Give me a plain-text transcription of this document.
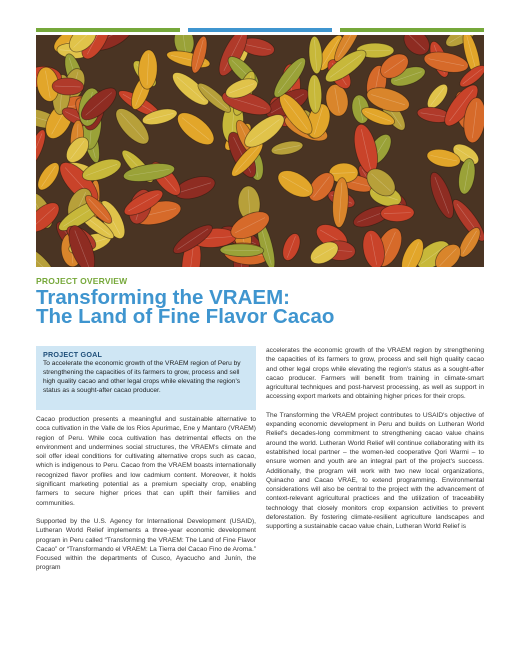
PROJECT OVERVIEW
Transforming the VRAEM:
The Land of Fine Flavor Cacao
PROJECT GOAL
To accelerate the economic growth of the VRAEM region of Peru by strengthening the capacities of its farmers to grow, process and sell high quality cacao and other legal crops while elevating the region's status as a sought-after cacao producer.

Cacao production presents a meaningful and sustainable alternative to coca cultivation in the Valle de los Ríos Apurimac, Ene y Mantaro (VRAEM) region of Peru. While coca cultivation has detrimental effects on the environment and undermines social structures, the VRAEM's climate and soil offer ideal conditions for cultivating alternative crops such as cacao, which is indigenous to Peru. Cacao from the VRAEM boasts internationally recognized flavor profiles and low cadmium content. Moreover, it holds significant marketing potential as a premium specialty crop, enabling farmers to secure higher prices that can uplift their families and communities.

Supported by the U.S. Agency for International Development (USAID), Lutheran World Relief implements a three-year economic development program in Peru called “Transforming the VRAEM: The Land of Fine Flavor Cacao” or “Transformando el VRAEM: La Tierra del Cacao Fino de Aroma.” Focused within the departments of Cusco, Ayacucho and Junín, the program

accelerates the economic growth of the VRAEM region by strengthening the capacities of its farmers to grow, process and sell high quality cacao and other legal crops while elevating the region's status as a sought-after cacao producer. Farmers will benefit from training in climate-smart agricultural techniques and post-harvest processing, as well as support in accessing export markets and obtaining higher prices for their crops.

The Transforming the VRAEM project contributes to USAID's objective of expanding economic development in Peru and builds on Lutheran World Relief's decades-long commitment to strengthening cacao value chains around the world. Lutheran World Relief will continue collaborating with its established local partner – the women-led cooperative Qori Warmi – to ensure women and youth are an integral part of the project's success. Additionally, the program will work with two new local organizations, Quinacho and Cacao VRAE, to extend programming. Environmental considerations will also be central to the project with the advancement of context-relevant agricultural practices and the utilization of traceability technology that closely monitors crop expansion activities to prevent deforestation. By fostering climate-resilient agriculture landscapes and supporting a sustainable cacao value chain, Lutheran World Relief is
